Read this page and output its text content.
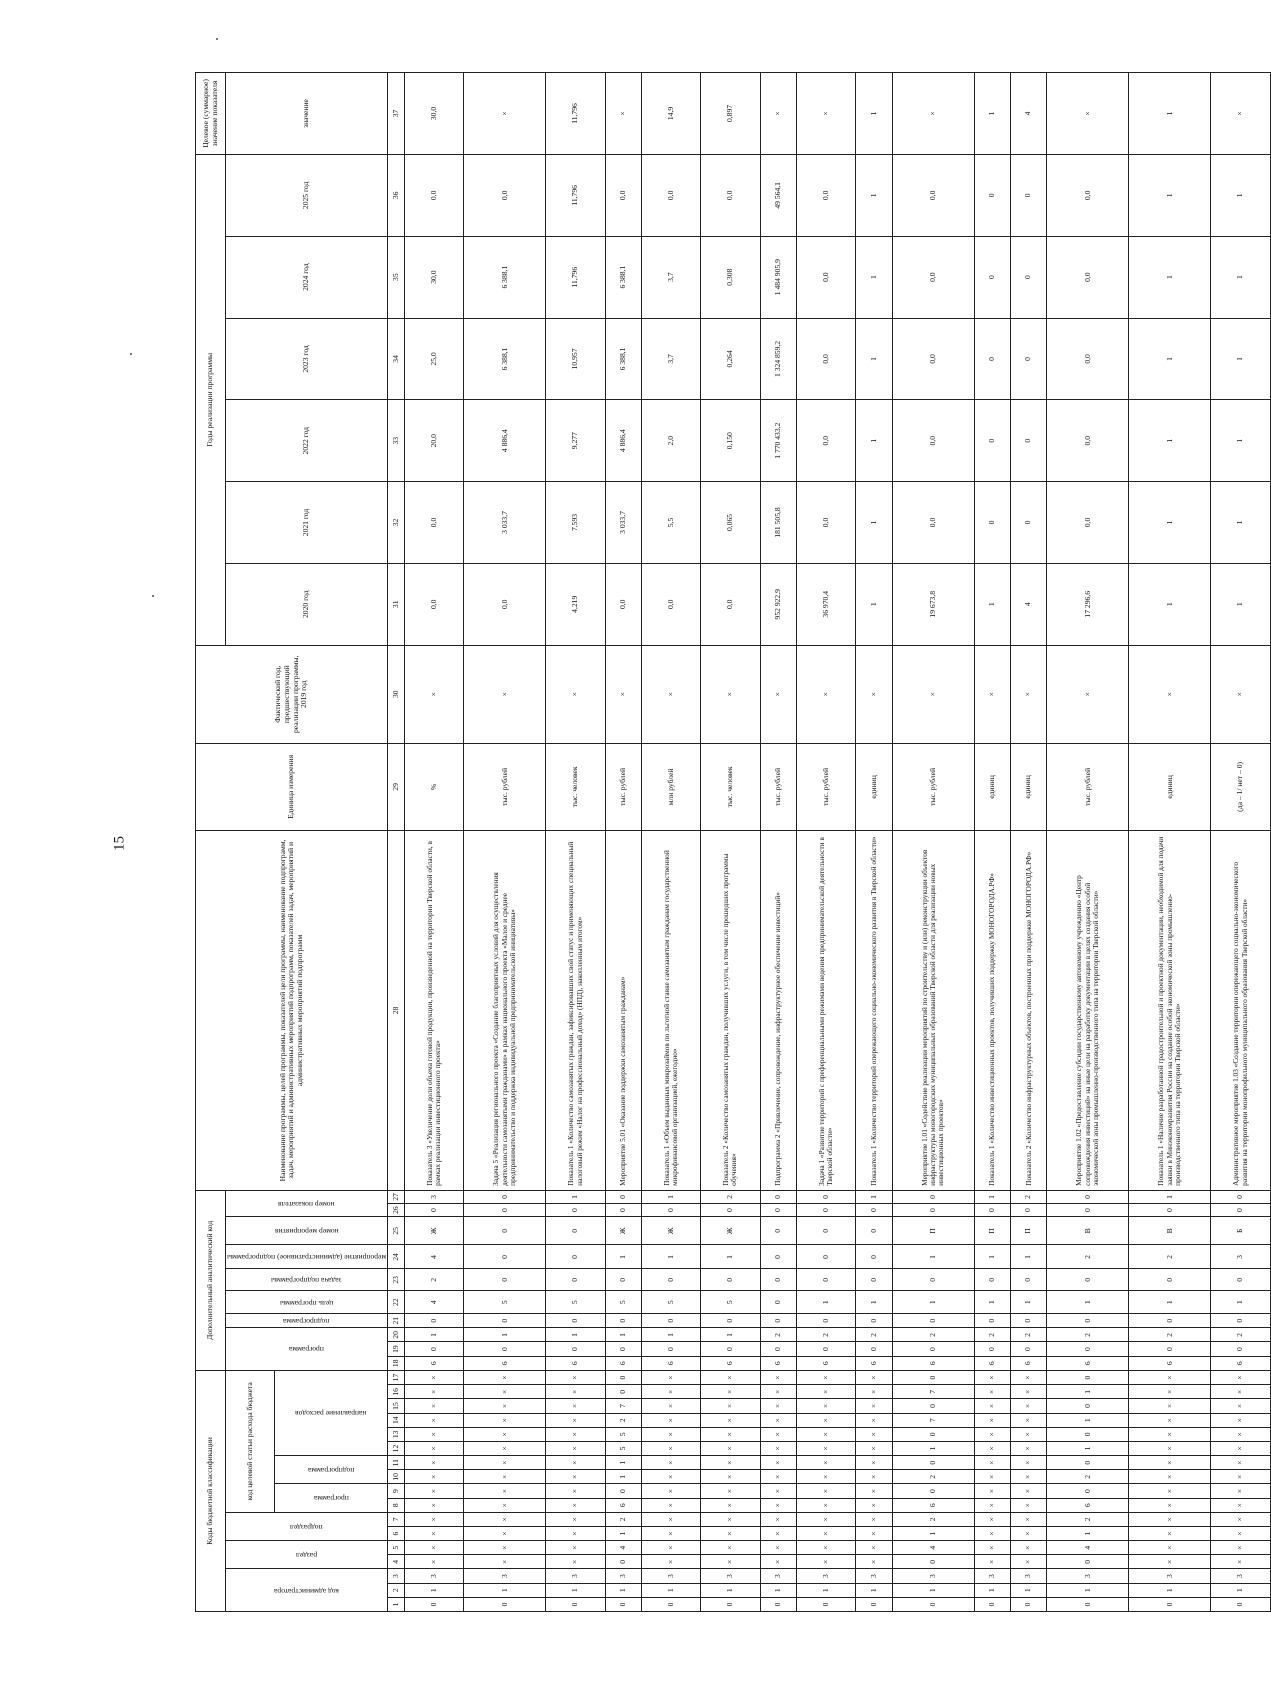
15
Коды бюджетной классификации																	Дополнительный аналитический код										Наименование программы, целей программы, показателей цели программы, наименование подпрограмм, задач, мероприятий и административных мероприятий подпрограмм, показателей задач, мероприятий и административных мероприятий подпрограмм	Единица измерения	Фактический год, предшествующий реализации программы, 2019 год	Годы реализации программы						Целевое (суммарное) значение показателя

код администратора			раздел		подраздел		код целевой статьи расхода бюджета										программа			подпрограмма	цель программы	задача подпрограммы	мероприятие (административное) подпрограммы	номер мероприятия	номер показателя					2020 год	2021 год	2022 год	2023 год	2024 год	2025 год	значение

							программа		подпрограмма		направление расходов																									

1	2	3	4	5	6	7	8	9	10	11	12	13	14	15	16	17	18	19	20	21	22	23	24	25	26	27	28	29	30	31	32	33	34	35	36	37
0	1	3	×	×	×	×	×	×	×	×	×	×	×	×	×	×	6	0	1	0	4	2	4	Ж	0	3	Показатель 3 «Увеличение доли объема готовой продукции, произведенной на территории Тверской области, в рамках реализации инвестиционного проекта»	%	×	0,0	0,0	20,0	25,0	30,0	0,0	30,0
0	1	3	×	×	×	×	×	×	×	×	×	×	×	×	×	×	6	0	1	0	5	0	0	0	0	0	Задача 5 «Реализация регионального проекта «Создание благоприятных условий для осуществления деятельности самозанятыми гражданами» в рамках национального проекта «Малое и среднее предпринимательство и поддержка индивидуальной предпринимательской инициативы»	тыс. рублей	×	0,0	3 033,7	4 886,4	6 388,1	6 388,1	0,0	×
0	1	3	×	×	×	×	×	×	×	×	×	×	×	×	×	×	6	0	1	0	5	0	0	0	0	1	Показатель 1 «Количество самозанятых граждан, зафиксировавших свой статус и применяющих специальный налоговый режим «Налог на профессиональный доход» (НПД), накопленным итогом»	тыс. человек	×	4,219	7,593	9,277	10,957	11,796	11,796	11,796
0	1	3	0	4	1	2	6	0	1	1	5	5	2	7	0	0	6	0	1	0	5	0	1	Ж	0	0	Мероприятие 5.01 «Оказание поддержки самозанятым гражданам»	тыс. рублей	×	0,0	3 033,7	4 886,4	6 388,1	6 388,1	0,0	×
0	1	3	×	×	×	×	×	×	×	×	×	×	×	×	×	×	6	0	1	0	5	0	1	Ж	0	1	Показатель 1 «Объем выданных микрозаймов по льготной ставке самозанятым гражданам государственной микрофинансовой организацией, ежегодно»	млн рублей	×	0,0	5,5	2,0	3,7	3,7	0,0	14,9
0	1	3	×	×	×	×	×	×	×	×	×	×	×	×	×	×	6	0	1	0	5	0	1	Ж	0	2	Показатель 2 «Количество самозанятых граждан, получивших услуги, в том числе прошедших программы обучения»	тыс. человек	×	0,0	0,065	0,150	0,264	0,308	0,0	0,897
0	1	3	×	×	×	×	×	×	×	×	×	×	×	×	×	×	6	0	2	0	0	0	0	0	0	0	Подпрограмма 2 «Привлечение, сопровождение, инфраструктурное обеспечение инвестиций»	тыс. рублей	×	952 922,9	181 505,8	1 770 433,2	1 324 859,2	1 484 905,9	49 564,1	×
0	1	3	×	×	×	×	×	×	×	×	×	×	×	×	×	×	6	0	2	0	1	0	0	0	0	0	Задача 1 «Развитие территорий с преференциальными режимами ведения предпринимательской деятельности в Тверской области»	тыс. рублей	×	36 970,4	0,0	0,0	0,0	0,0	0,0	×
0	1	3	×	×	×	×	×	×	×	×	×	×	×	×	×	×	6	0	2	0	1	0	0	0	0	1	Показатель 1 «Количество территорий опережающего социально-экономического развития в Тверской области»	единиц	×	1	1	1	1	1	1	1
0	1	3	0	4	1	2	6	0	2	0	1	0	7	0	7	0	6	0	2	0	1	0	1	П	0	0	Мероприятие 1.01 «Содействие реализации мероприятий по строительству и (или) реконструкции объектов инфраструктуры моногородских муниципальных образований Тверской области для реализации новых инвестиционных проектов»	тыс. рублей	×	19 673,8	0,0	0,0	0,0	0,0	0,0	×
0	1	3	×	×	×	×	×	×	×	×	×	×	×	×	×	×	6	0	2	0	1	0	1	П	0	1	Показатель 1 «Количество инвестиционных проектов, получивших поддержку МОНОГОРОДА.РФ»	единиц	×	1	0	0	0	0	0	1
0	1	3	×	×	×	×	×	×	×	×	×	×	×	×	×	×	6	0	2	0	1	0	1	П	0	2	Показатель 2 «Количество инфраструктурных объектов, построенных при поддержке МОНОГОРОДА.РФ»	единиц	×	4	0	0	0	0	0	4
0	1	3	0	4	1	2	6	0	2	0	1	0	1	0	1	0	6	0	2	0	1	0	2	В	0	0	Мероприятие 1.02 «Предоставление субсидии государственному автономному учреждению «Центр сопровождения инвестиций» на иные цели на разработку документации в целях создания особой экономической зоны промышленно-производственного типа на территории Тверской области»	тыс. рублей	×	17 296,6	0,0	0,0	0,0	0,0	0,0	×
0	1	3	×	×	×	×	×	×	×	×	×	×	×	×	×	×	6	0	2	0	1	0	2	В	0	1	Показатель 1 «Наличие разработанной градостроительной и проектной документации, необходимой для подачи заявки в Минэкономразвития России на создание особой экономической зоны промышленно-производственного типа на территории Тверской области»	единиц	×	1	1	1	1	1	1	1
0	1	3	×	×	×	×	×	×	×	×	×	×	×	×	×	×	6	0	2	0	1	0	3	Б	0	0	Административное мероприятие 1.03 «Создание территории опережающего социально-экономического развития на территории монопрофильного муниципального образования Тверской области»	(да – 1/ нет – 0)	×	1	1	1	1	1	1	×
